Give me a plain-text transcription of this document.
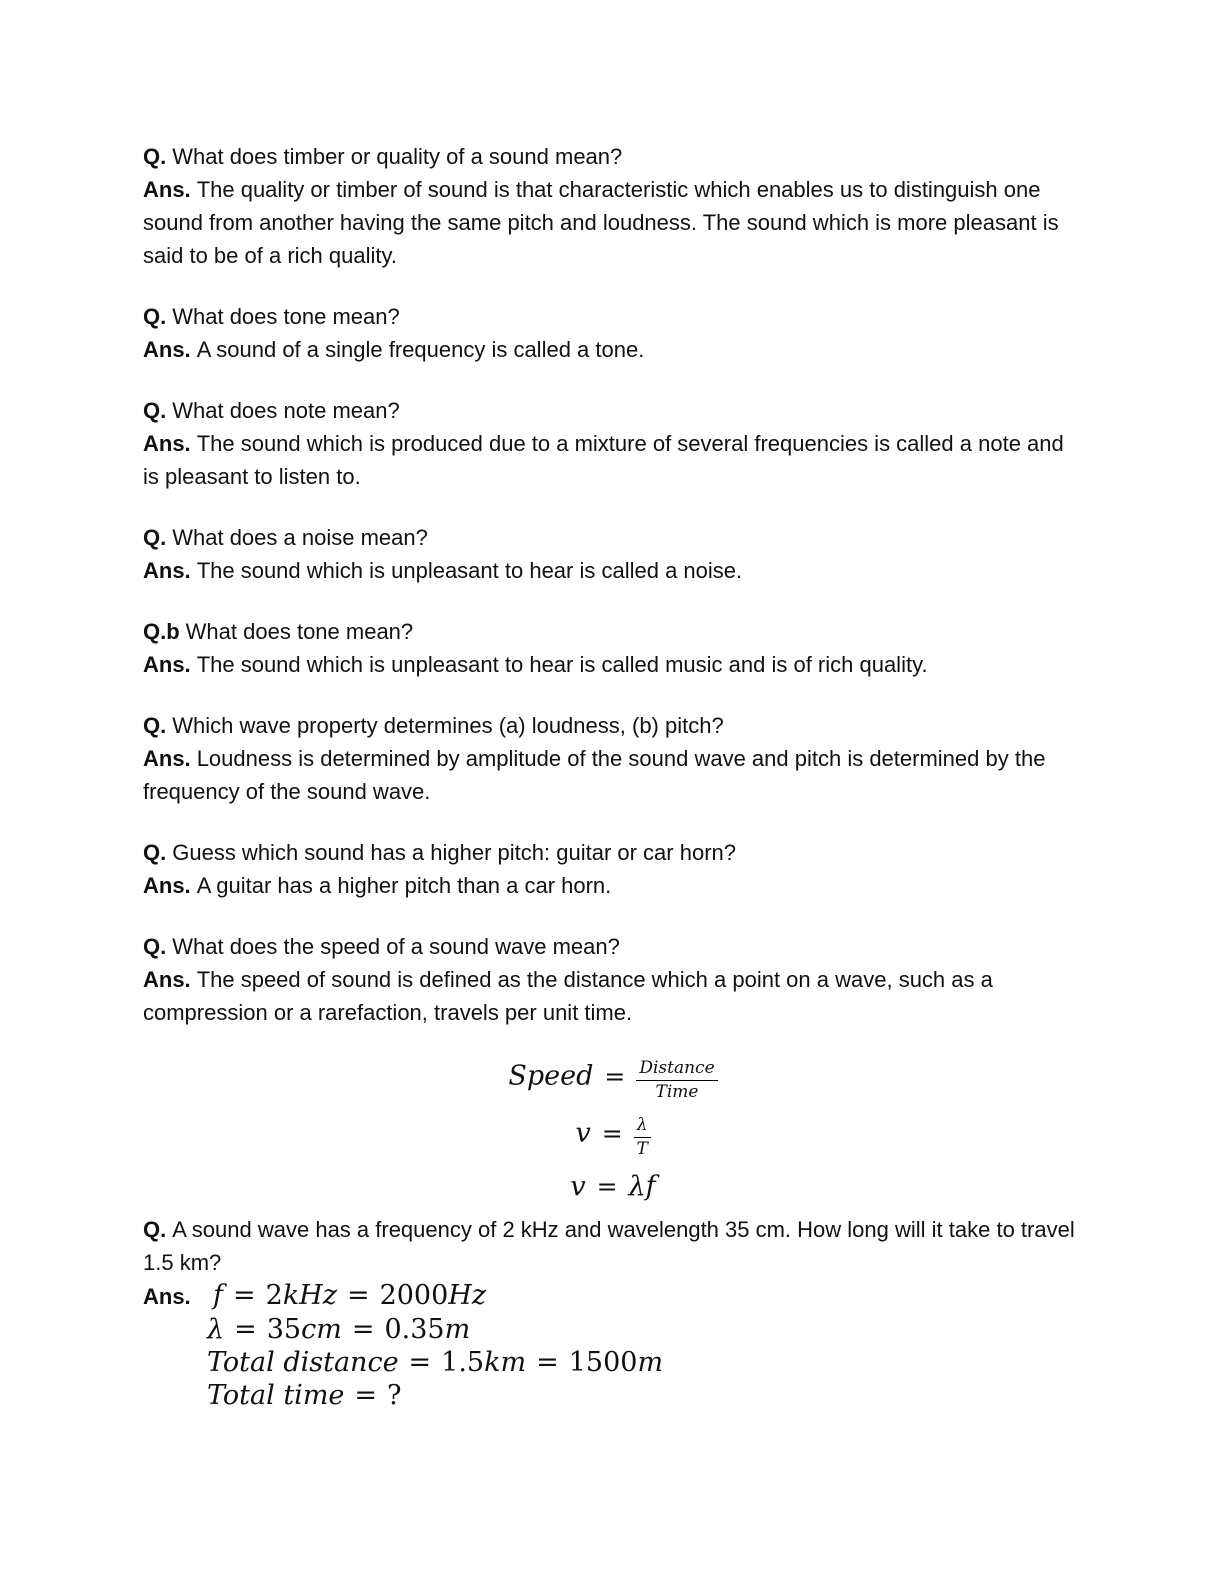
Q. What does timber or quality of a sound mean?
Ans. The quality or timber of sound is that characteristic which enables us to distinguish one sound from another having the same pitch and loudness. The sound which is more pleasant is said to be of a rich quality.
Q. What does tone mean?
Ans. A sound of a single frequency is called a tone.
Q. What does note mean?
Ans. The sound which is produced due to a mixture of several frequencies is called a note and is pleasant to listen to.
Q. What does a noise mean?
Ans. The sound which is unpleasant to hear is called a noise.
Q.b What does tone mean?
Ans. The sound which is unpleasant to hear is called music and is of rich quality.
Q. Which wave property determines (a) loudness, (b) pitch?
Ans. Loudness is determined by amplitude of the sound wave and pitch is determined by the frequency of the sound wave.
Q. Guess which sound has a higher pitch: guitar or car horn?
Ans. A guitar has a higher pitch than a car horn.
Q. What does the speed of a sound wave mean?
Ans. The speed of sound is defined as the distance which a point on a wave, such as a compression or a rarefaction, travels per unit time.
Speed = $\frac{\text{Distance}}{\text{Time}}$
$v = \frac{\lambda}{T}$
v = λf
Q. A sound wave has a frequency of 2 kHz and wavelength 35 cm. How long will it take to travel 1.5 km?
Ans. f = 2kHz = 2000Hz
λ = 35cm = 0.35m
Total distance = 1.5km = 1500m
Total time = ?
